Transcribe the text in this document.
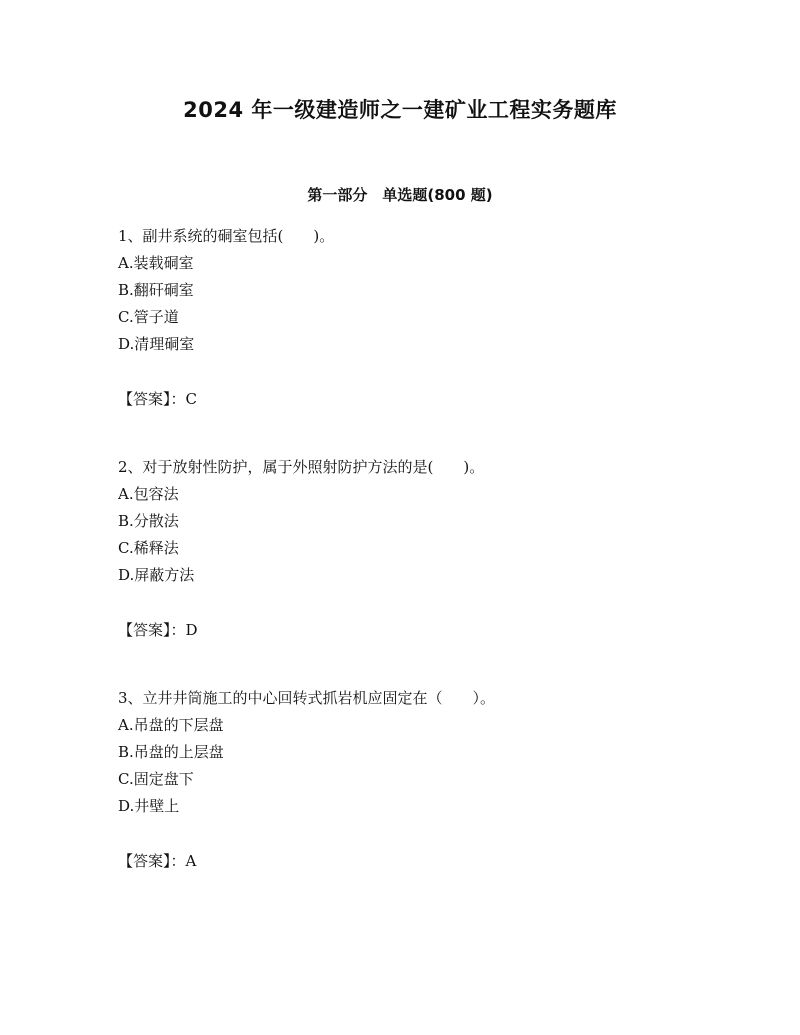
2024 年一级建造师之一建矿业工程实务题库
第一部分　单选题(800 题)
1、副井系统的硐室包括(　　)。
A.装载硐室
B.翻矸硐室
C.管子道
D.清理硐室
【答案】：C
2、对于放射性防护，属于外照射防护方法的是(　　)。
A.包容法
B.分散法
C.稀释法
D.屏蔽方法
【答案】：D
3、立井井筒施工的中心回转式抓岩机应固定在（　　）。
A.吊盘的下层盘
B.吊盘的上层盘
C.固定盘下
D.井壁上
【答案】：A
